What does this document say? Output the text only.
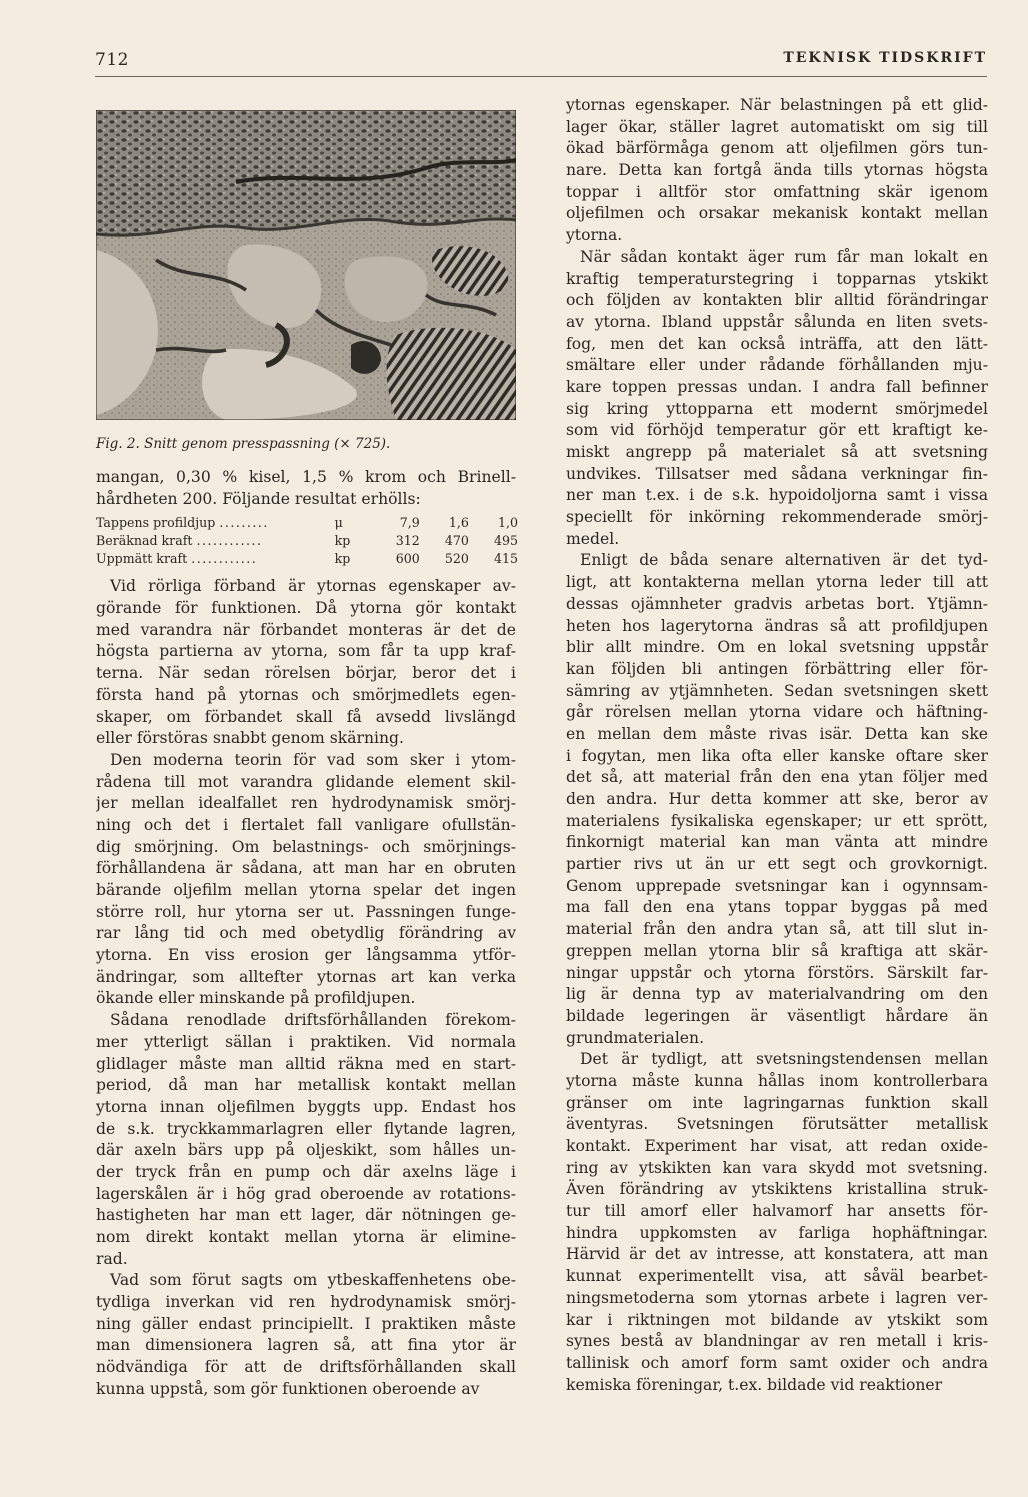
712	TEKNISK TIDSKRIFT
Fig. 2. Snitt genom presspassning (× 725).
mangan, 0,30 % kisel, 1,5 % krom och Brinell-
hårdheten 200. Följande resultat erhölls:
Tappens profildjup .........	μ	7,9	1,6	1,0
Beräknad kraft ............	kp	312	470	495
Uppmätt kraft ............	kp	600	520	415
Vid rörliga förband är ytornas egenskaper av-
görande för funktionen. Då ytorna gör kontakt
med varandra när förbandet monteras är det de
högsta partierna av ytorna, som får ta upp kraf-
terna. När sedan rörelsen börjar, beror det i
första hand på ytornas och smörjmedlets egen-
skaper, om förbandet skall få avsedd livslängd
eller förstöras snabbt genom skärning.
Den moderna teorin för vad som sker i ytom-
rådena till mot varandra glidande element skil-
jer mellan idealfallet ren hydrodynamisk smörj-
ning och det i flertalet fall vanligare ofullstän-
dig smörjning. Om belastnings- och smörjnings-
förhållandena är sådana, att man har en obruten
bärande oljefilm mellan ytorna spelar det ingen
större roll, hur ytorna ser ut. Passningen funge-
rar lång tid och med obetydlig förändring av
ytorna. En viss erosion ger långsamma ytför-
ändringar, som alltefter ytornas art kan verka
ökande eller minskande på profildjupen.
Sådana renodlade driftsförhållanden förekom-
mer ytterligt sällan i praktiken. Vid normala
glidlager måste man alltid räkna med en start-
period, då man har metallisk kontakt mellan
ytorna innan oljefilmen byggts upp. Endast hos
de s.k. tryckkammarlagren eller flytande lagren,
där axeln bärs upp på oljeskikt, som hålles un-
der tryck från en pump och där axelns läge i
lagerskålen är i hög grad oberoende av rotations-
hastigheten har man ett lager, där nötningen ge-
nom direkt kontakt mellan ytorna är elimine-
rad.
Vad som förut sagts om ytbeskaffenhetens obe-
tydliga inverkan vid ren hydrodynamisk smörj-
ning gäller endast principiellt. I praktiken måste
man dimensionera lagren så, att fina ytor är
nödvändiga för att de driftsförhållanden skall
kunna uppstå, som gör funktionen oberoende av
ytornas egenskaper. När belastningen på ett glid-
lager ökar, ställer lagret automatiskt om sig till
ökad bärförmåga genom att oljefilmen görs tun-
nare. Detta kan fortgå ända tills ytornas högsta
toppar i alltför stor omfattning skär igenom
oljefilmen och orsakar mekanisk kontakt mellan
ytorna.
När sådan kontakt äger rum får man lokalt en
kraftig temperaturstegring i topparnas ytskikt
och följden av kontakten blir alltid förändringar
av ytorna. Ibland uppstår sålunda en liten svets-
fog, men det kan också inträffa, att den lätt-
smältare eller under rådande förhållanden mju-
kare toppen pressas undan. I andra fall befinner
sig kring yttopparna ett modernt smörjmedel
som vid förhöjd temperatur gör ett kraftigt ke-
miskt angrepp på materialet så att svetsning
undvikes. Tillsatser med sådana verkningar fin-
ner man t.ex. i de s.k. hypoidoljorna samt i vissa
speciellt för inkörning rekommenderade smörj-
medel.
Enligt de båda senare alternativen är det tyd-
ligt, att kontakterna mellan ytorna leder till att
dessas ojämnheter gradvis arbetas bort. Ytjämn-
heten hos lagerytorna ändras så att profildjupen
blir allt mindre. Om en lokal svetsning uppstår
kan följden bli antingen förbättring eller för-
sämring av ytjämnheten. Sedan svetsningen skett
går rörelsen mellan ytorna vidare och häftning-
en mellan dem måste rivas isär. Detta kan ske
i fogytan, men lika ofta eller kanske oftare sker
det så, att material från den ena ytan följer med
den andra. Hur detta kommer att ske, beror av
materialens fysikaliska egenskaper; ur ett sprött,
finkornigt material kan man vänta att mindre
partier rivs ut än ur ett segt och grovkornigt.
Genom upprepade svetsningar kan i ogynnsam-
ma fall den ena ytans toppar byggas på med
material från den andra ytan så, att till slut in-
greppen mellan ytorna blir så kraftiga att skär-
ningar uppstår och ytorna förstörs. Särskilt far-
lig är denna typ av materialvandring om den
bildade legeringen är väsentligt hårdare än
grundmaterialen.
Det är tydligt, att svetsningstendensen mellan
ytorna måste kunna hållas inom kontrollerbara
gränser om inte lagringarnas funktion skall
äventyras. Svetsningen förutsätter metallisk
kontakt. Experiment har visat, att redan oxide-
ring av ytskikten kan vara skydd mot svetsning.
Även förändring av ytskiktens kristallina struk-
tur till amorf eller halvamorf har ansetts för-
hindra uppkomsten av farliga hophäftningar.
Härvid är det av intresse, att konstatera, att man
kunnat experimentellt visa, att såväl bearbet-
ningsmetoderna som ytornas arbete i lagren ver-
kar i riktningen mot bildande av ytskikt som
synes bestå av blandningar av ren metall i kris-
tallinisk och amorf form samt oxider och andra
kemiska föreningar, t.ex. bildade vid reaktioner
